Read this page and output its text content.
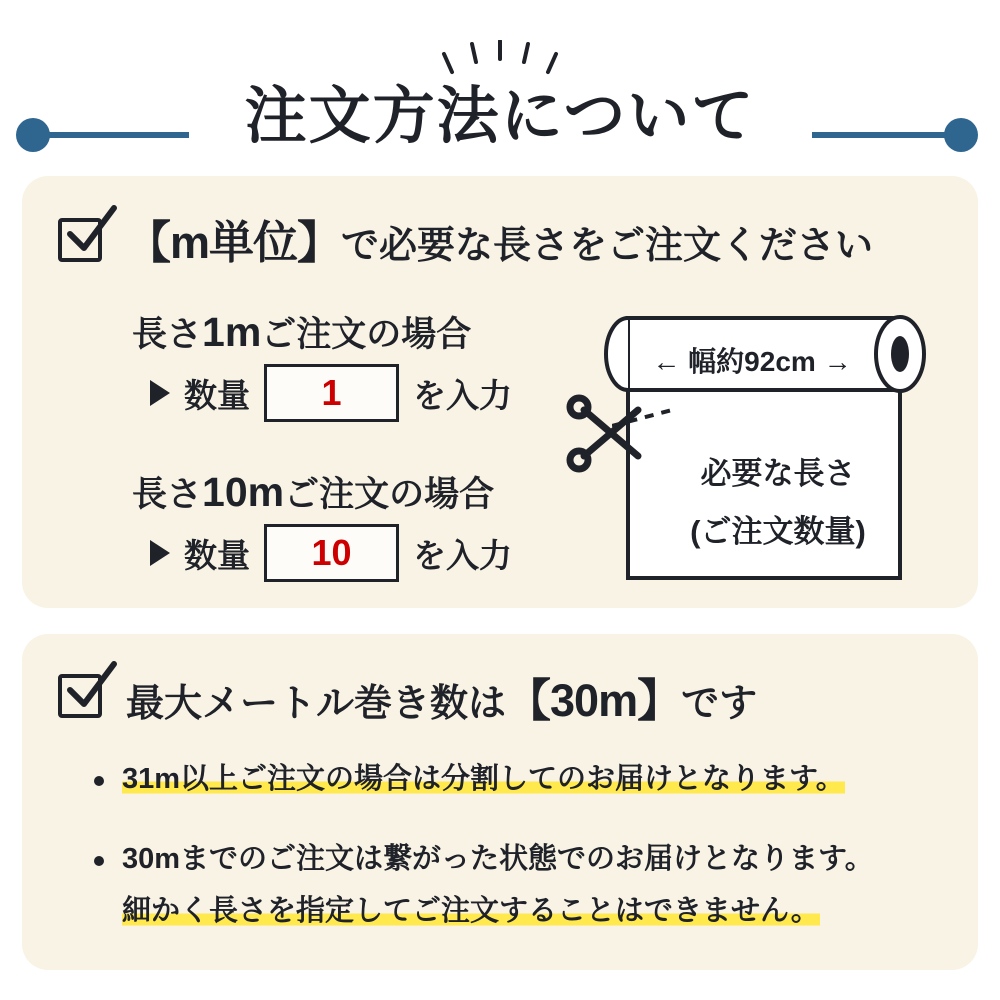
注文方法について
【m単位】で必要な長さをご注文ください
長さ1mご注文の場合
数量	1	を入力
長さ10mご注文の場合
数量	10	を入力
← 幅約92cm →
必要な長さ
(ご注文数量)
最大メートル巻き数は【30m】です
31m以上ご注文の場合は分割してのお届けとなります。
30mまでのご注文は繋がった状態でのお届けとなります。
細かく長さを指定してご注文することはできません。
